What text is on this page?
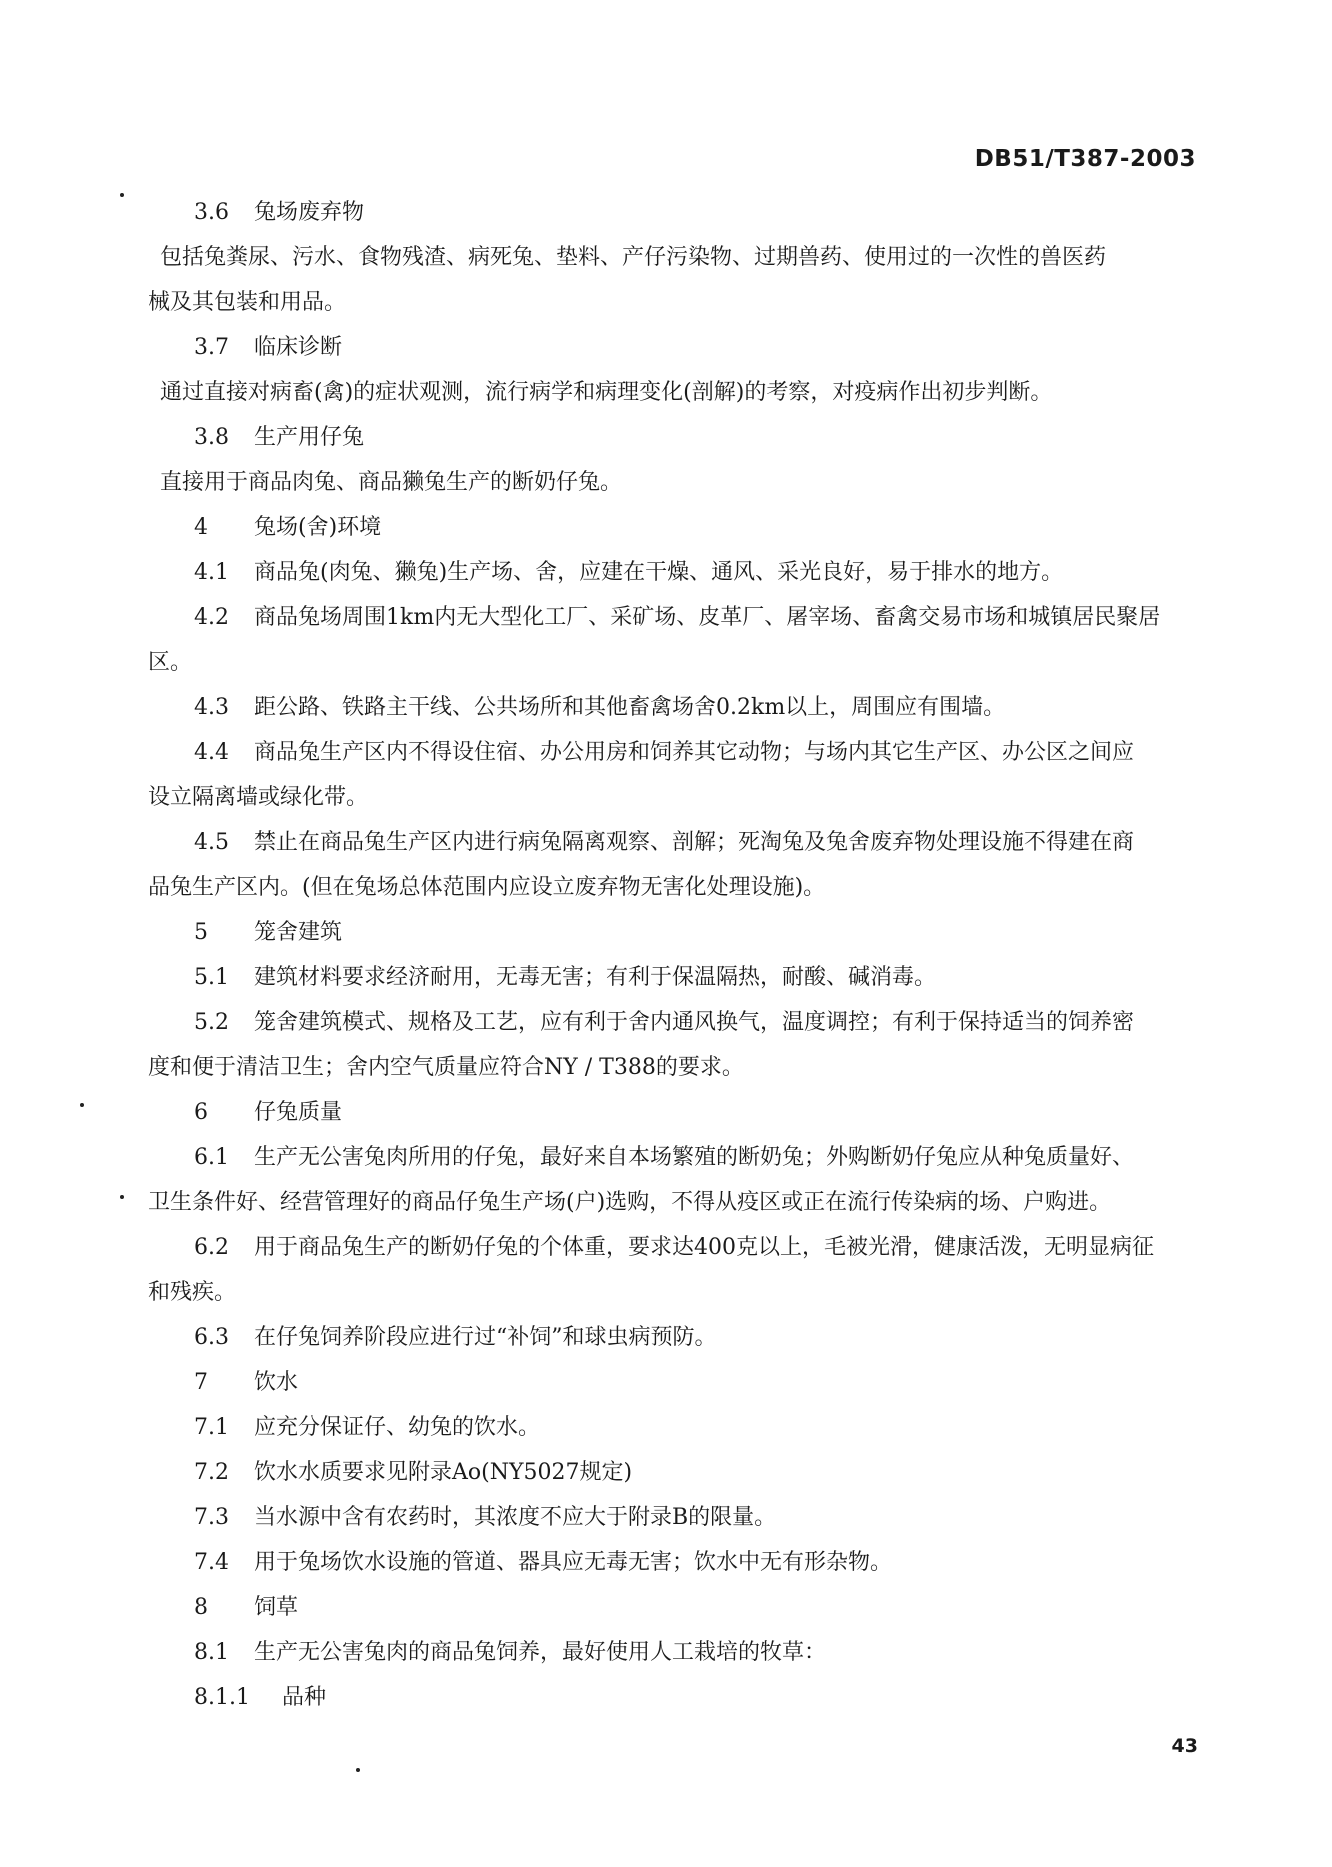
DB51/T387-2003
3.6 兔场废弃物
包括兔粪尿、污水、食物残渣、病死兔、垫料、产仔污染物、过期兽药、使用过的一次性的兽医药
械及其包装和用品。
3.7 临床诊断
通过直接对病畜(禽)的症状观测，流行病学和病理变化(剖解)的考察，对疫病作出初步判断。
3.8 生产用仔兔
直接用于商品肉兔、商品獭兔生产的断奶仔兔。
4 兔场(舍)环境
4.1 商品兔(肉兔、獭兔)生产场、舍，应建在干燥、通风、采光良好，易于排水的地方。
4.2 商品兔场周围1km内无大型化工厂、采矿场、皮革厂、屠宰场、畜禽交易市场和城镇居民聚居
区。
4.3 距公路、铁路主干线、公共场所和其他畜禽场舍0.2km以上，周围应有围墙。
4.4 商品兔生产区内不得设住宿、办公用房和饲养其它动物；与场内其它生产区、办公区之间应
设立隔离墙或绿化带。
4.5 禁止在商品兔生产区内进行病兔隔离观察、剖解；死淘兔及兔舍废弃物处理设施不得建在商
品兔生产区内。(但在兔场总体范围内应设立废弃物无害化处理设施)。
5 笼舍建筑
5.1 建筑材料要求经济耐用，无毒无害；有利于保温隔热，耐酸、碱消毒。
5.2 笼舍建筑模式、规格及工艺，应有利于舍内通风换气，温度调控；有利于保持适当的饲养密
度和便于清洁卫生；舍内空气质量应符合NY / T388的要求。
6 仔兔质量
6.1 生产无公害兔肉所用的仔兔，最好来自本场繁殖的断奶兔；外购断奶仔兔应从种兔质量好、
卫生条件好、经营管理好的商品仔兔生产场(户)选购，不得从疫区或正在流行传染病的场、户购进。
6.2 用于商品兔生产的断奶仔兔的个体重，要求达400克以上，毛被光滑，健康活泼，无明显病征
和残疾。
6.3 在仔兔饲养阶段应进行过“补饲”和球虫病预防。
7 饮水
7.1 应充分保证仔、幼兔的饮水。
7.2 饮水水质要求见附录Ao(NY5027规定)
7.3 当水源中含有农药时，其浓度不应大于附录B的限量。
7.4 用于兔场饮水设施的管道、器具应无毒无害；饮水中无有形杂物。
8 饲草
8.1 生产无公害兔肉的商品兔饲养，最好使用人工栽培的牧草：
8.1.1 品种
43
